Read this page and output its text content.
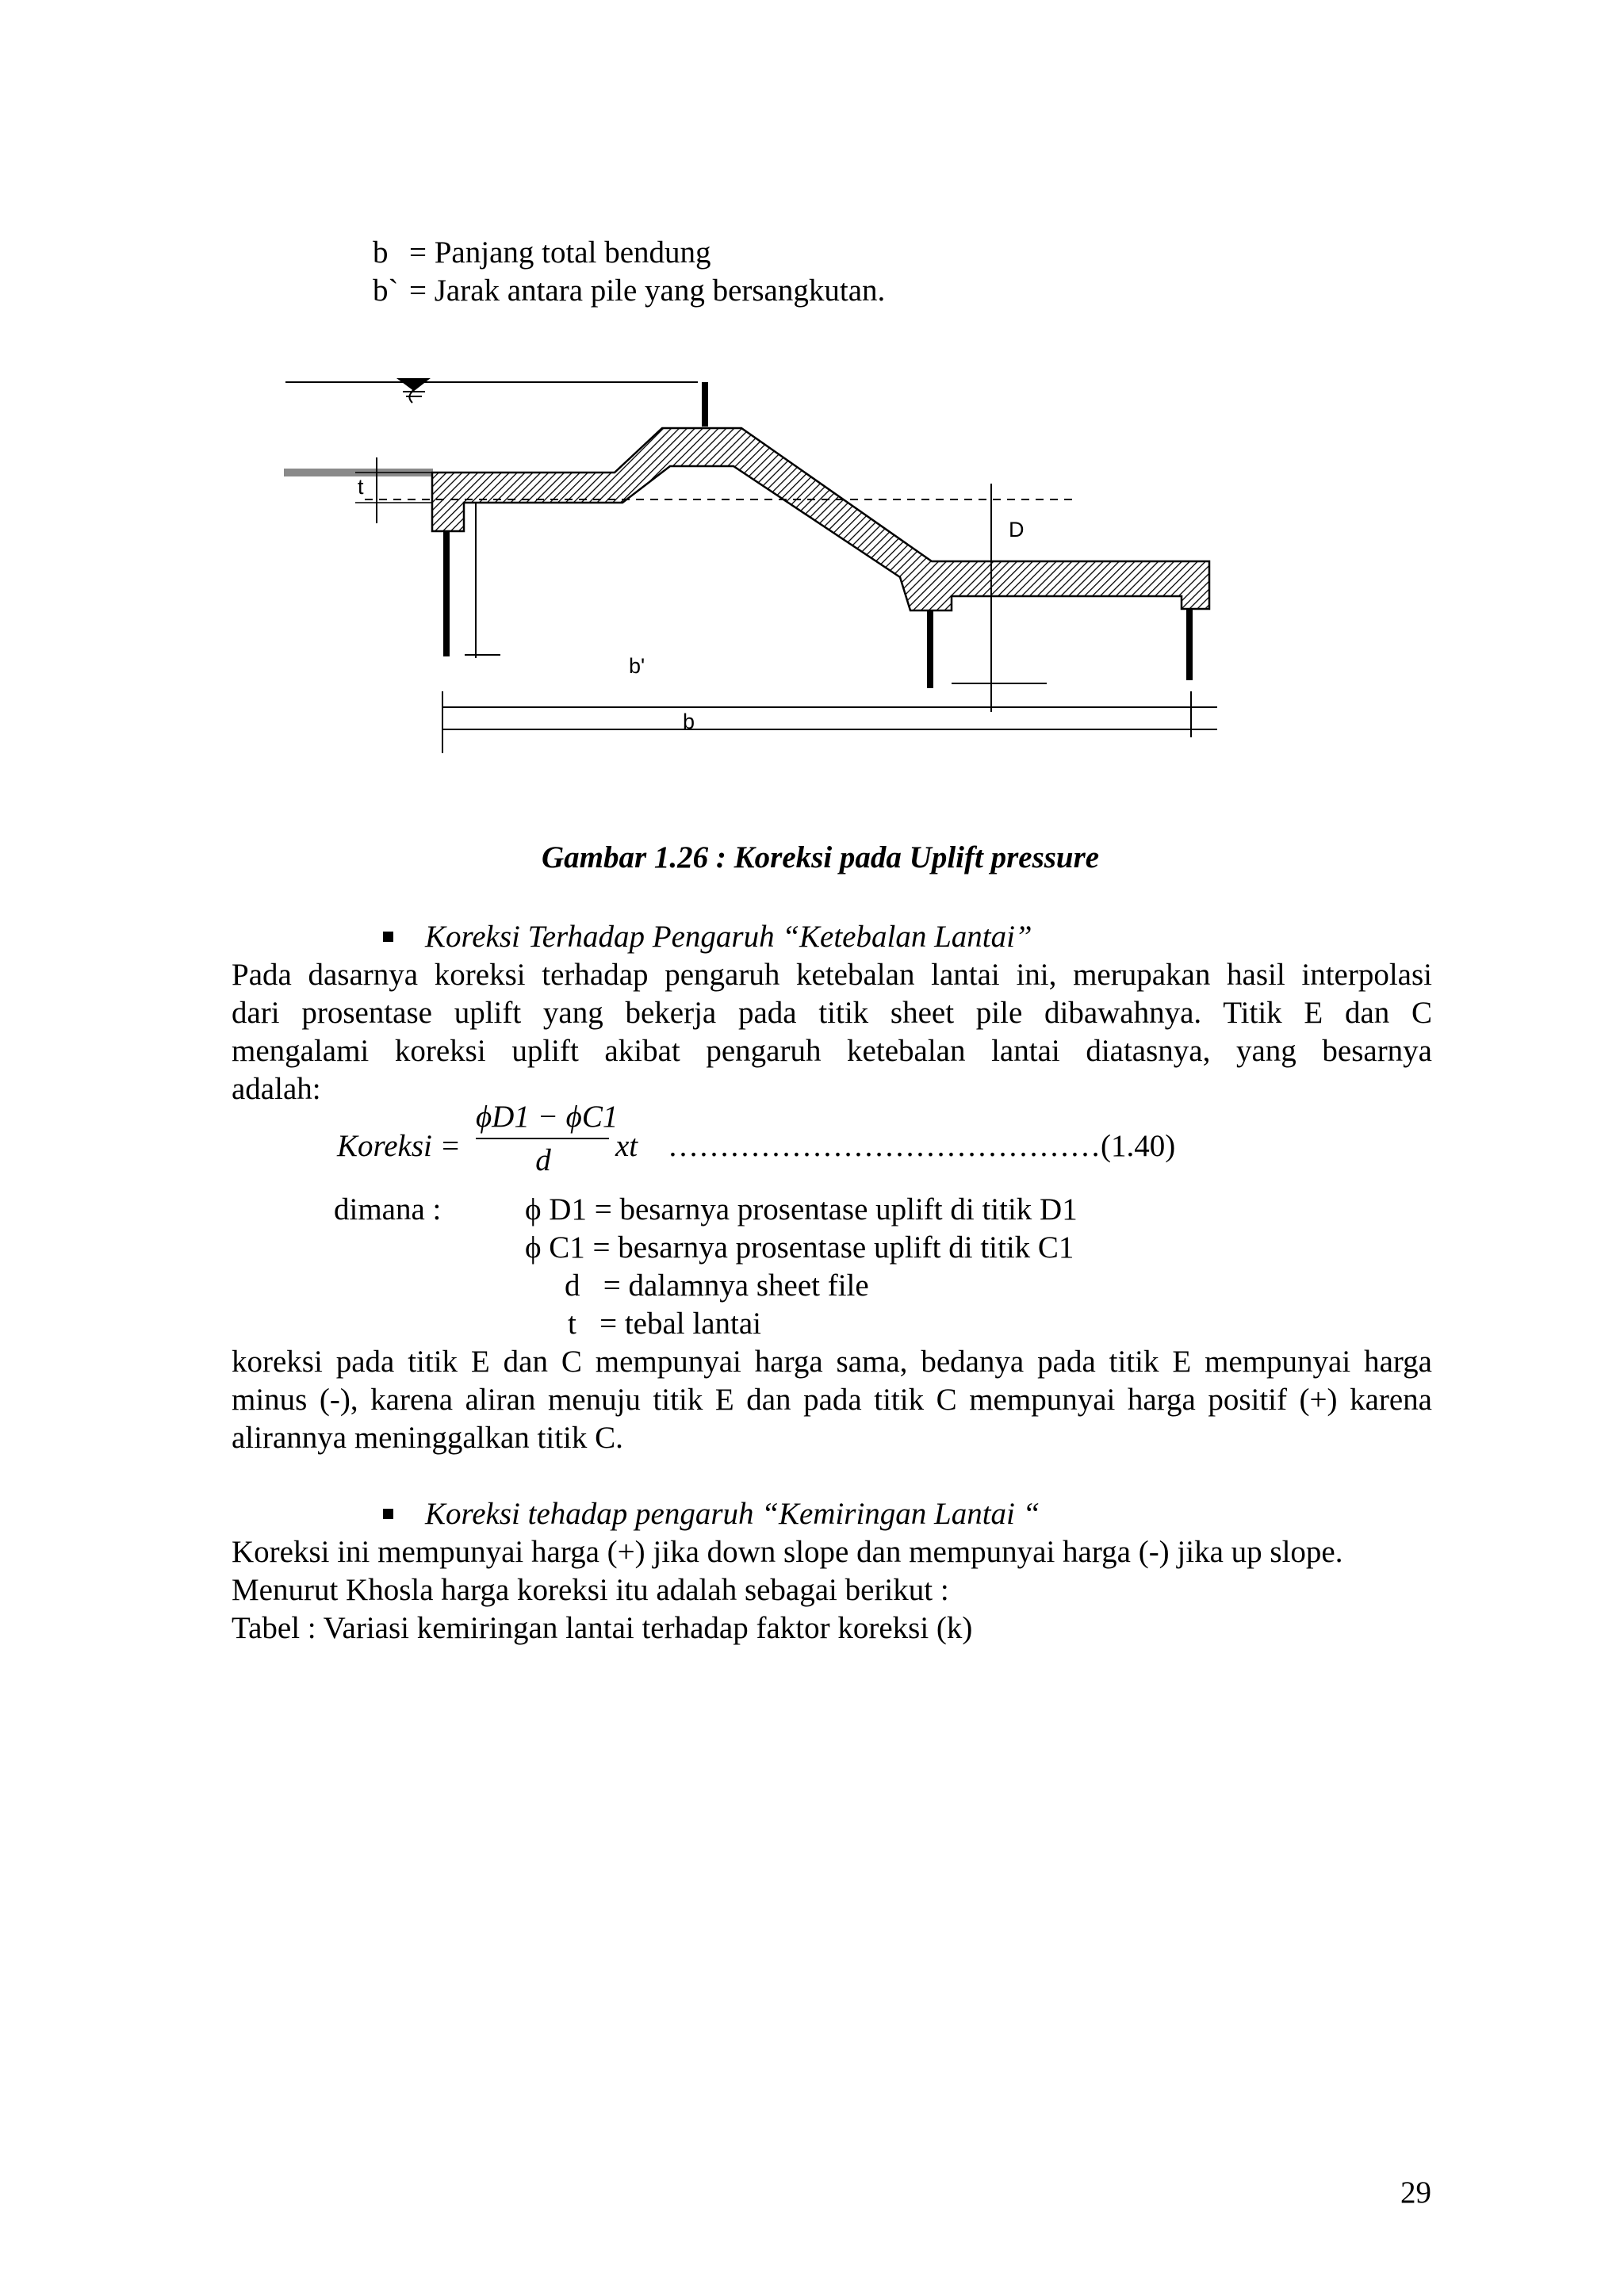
b = Panjang total bendung
b` = Jarak antara pile yang bersangkutan.
t
b'
D
b
Gambar 1.26 : Koreksi pada Uplift pressure
Koreksi Terhadap Pengaruh “Ketebalan Lantai”
Pada dasarnya koreksi terhadap pengaruh ketebalan lantai ini, merupakan hasil interpolasi
dari prosentase uplift yang bekerja pada titik sheet pile dibawahnya. Titik E dan C
mengalami koreksi uplift akibat pengaruh ketebalan lantai diatasnya, yang besarnya
adalah:
Koreksi =
ϕD1 − ϕC1
d	xt ……………………………………(1.40)
dimana :	ϕ D1 = besarnya prosentase uplift di titik D1
ϕ C1 = besarnya prosentase uplift di titik C1
d   = dalamnya sheet file
t   = tebal lantai
koreksi pada titik E dan C mempunyai harga sama, bedanya pada titik E mempunyai harga
minus (-), karena aliran menuju titik E dan pada titik C mempunyai harga positif (+) karena
alirannya meninggalkan titik C.
Koreksi tehadap pengaruh “Kemiringan Lantai “
Koreksi ini mempunyai harga (+) jika down slope dan mempunyai harga (-) jika up slope.
Menurut Khosla harga koreksi itu adalah sebagai berikut :
Tabel : Variasi kemiringan lantai terhadap faktor koreksi (k)
29
